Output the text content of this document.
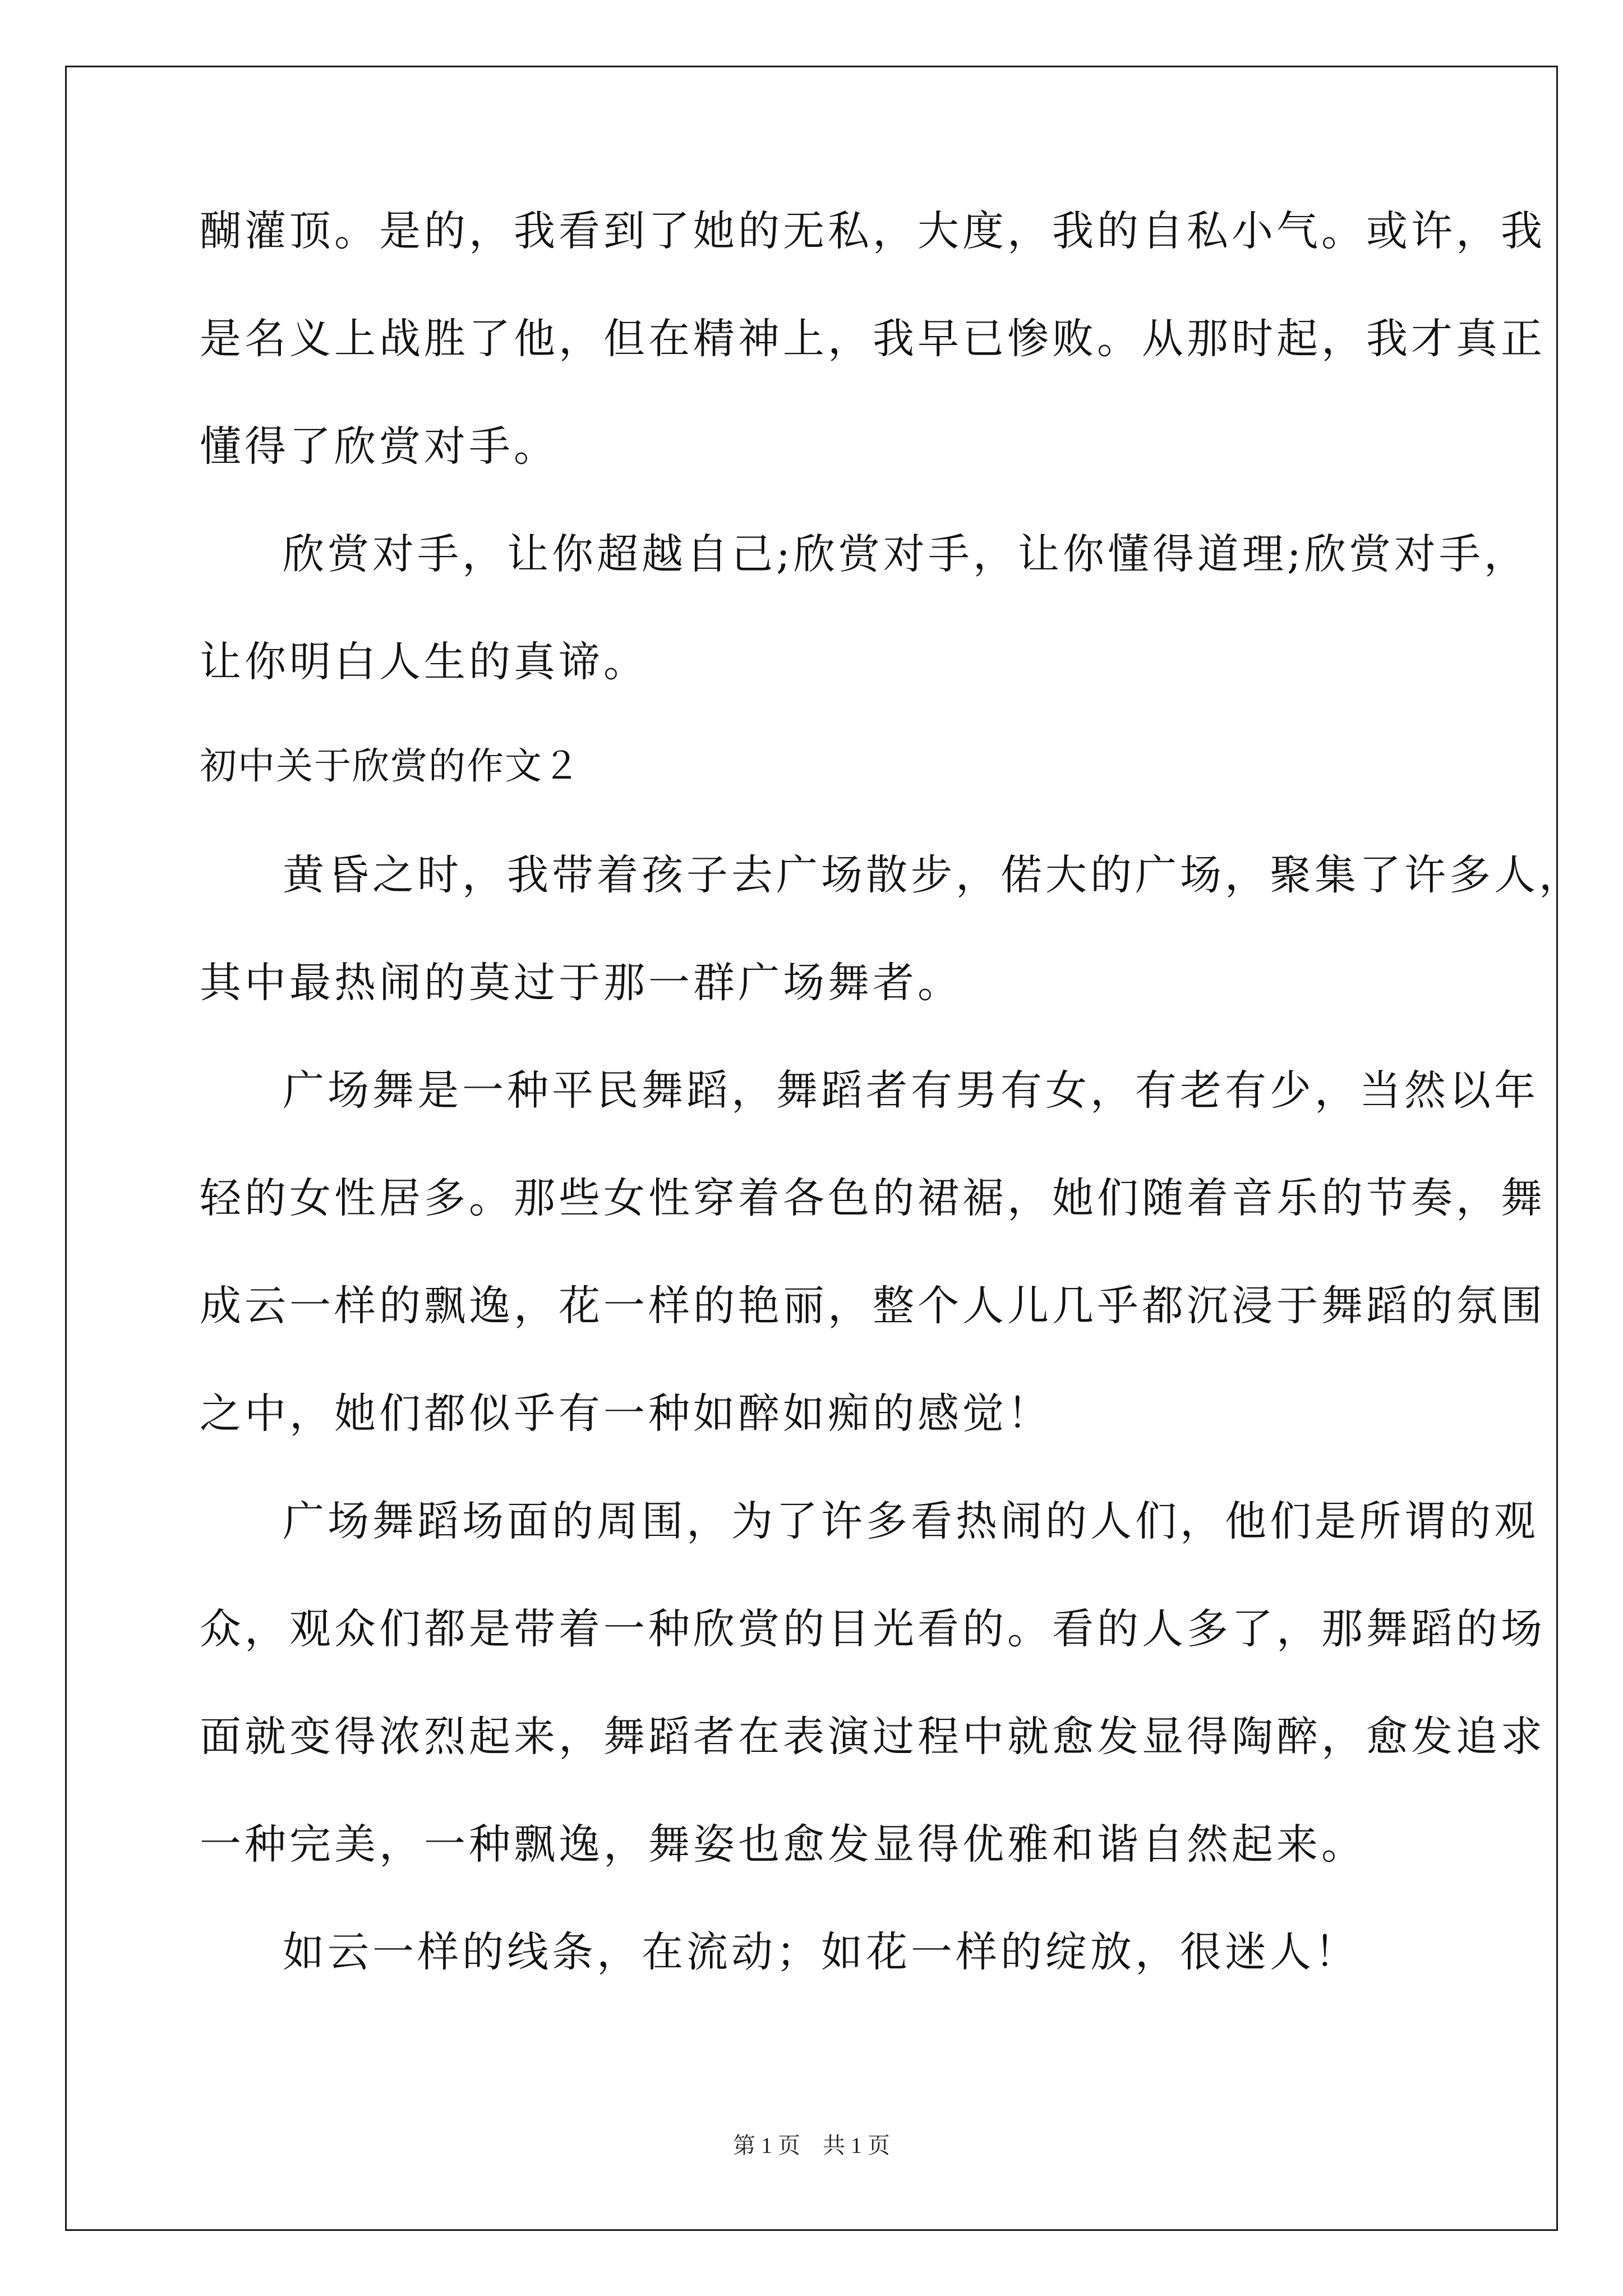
醐灌顶。是的，我看到了她的无私，大度，我的自私小气。或许，我
是名义上战胜了他，但在精神上，我早已惨败。从那时起，我才真正
懂得了欣赏对手。
欣赏对手，让你超越自己;欣赏对手，让你懂得道理;欣赏对手，
让你明白人生的真谛。
初中关于欣赏的作文２
黄昏之时，我带着孩子去广场散步，偌大的广场，聚集了许多人，
其中最热闹的莫过于那一群广场舞者。
广场舞是一种平民舞蹈，舞蹈者有男有女，有老有少，当然以年
轻的女性居多。那些女性穿着各色的裙裾，她们随着音乐的节奏，舞
成云一样的飘逸，花一样的艳丽，整个人儿几乎都沉浸于舞蹈的氛围
之中，她们都似乎有一种如醉如痴的感觉！
广场舞蹈场面的周围，为了许多看热闹的人们，他们是所谓的观
众，观众们都是带着一种欣赏的目光看的。看的人多了，那舞蹈的场
面就变得浓烈起来，舞蹈者在表演过程中就愈发显得陶醉，愈发追求
一种完美，一种飘逸，舞姿也愈发显得优雅和谐自然起来。
如云一样的线条，在流动；如花一样的绽放，很迷人！
第 1 页　共 1 页
